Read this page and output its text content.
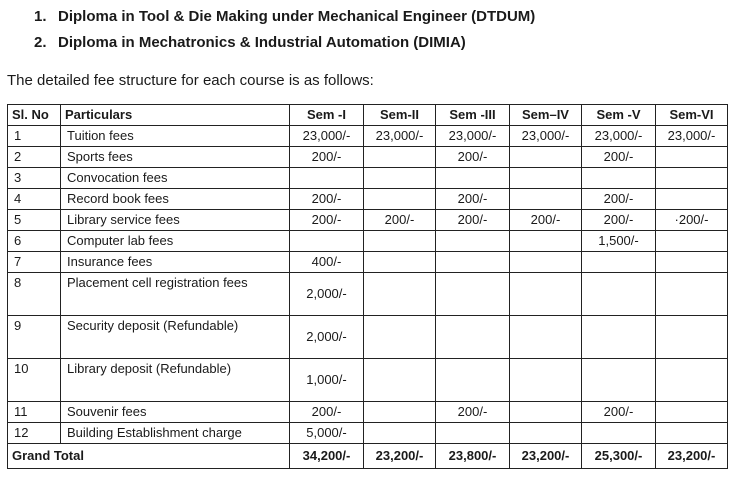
1. Diploma in Tool & Die Making under Mechanical Engineer (DTDUM)
2. Diploma in Mechatronics & Industrial Automation (DIMIA)
The detailed fee structure for each course is as follows:
Sl. No	Particulars	Sem -I	Sem-II	Sem -III	Sem–IV	Sem -V	Sem-VI
1	Tuition fees	23,000/-	23,000/-	23,000/-	23,000/-	23,000/-	23,000/-
2	Sports fees	200/-		200/-		200/-	
3	Convocation fees						
4	Record book fees	200/-		200/-		200/-	
5	Library service fees	200/-	200/-	200/-	200/-	200/-	·200/-
6	Computer lab fees					1,500/-	
7	Insurance fees	400/-					
8	Placement cell registration fees	2,000/-					
9	Security deposit (Refundable)	2,000/-					
10	Library deposit (Refundable)	1,000/-					
11	Souvenir fees	200/-		200/-		200/-	
12	Building Establishment charge	5,000/-					
Grand Total		34,200/-	23,200/-	23,800/-	23,200/-	25,300/-	23,200/-
